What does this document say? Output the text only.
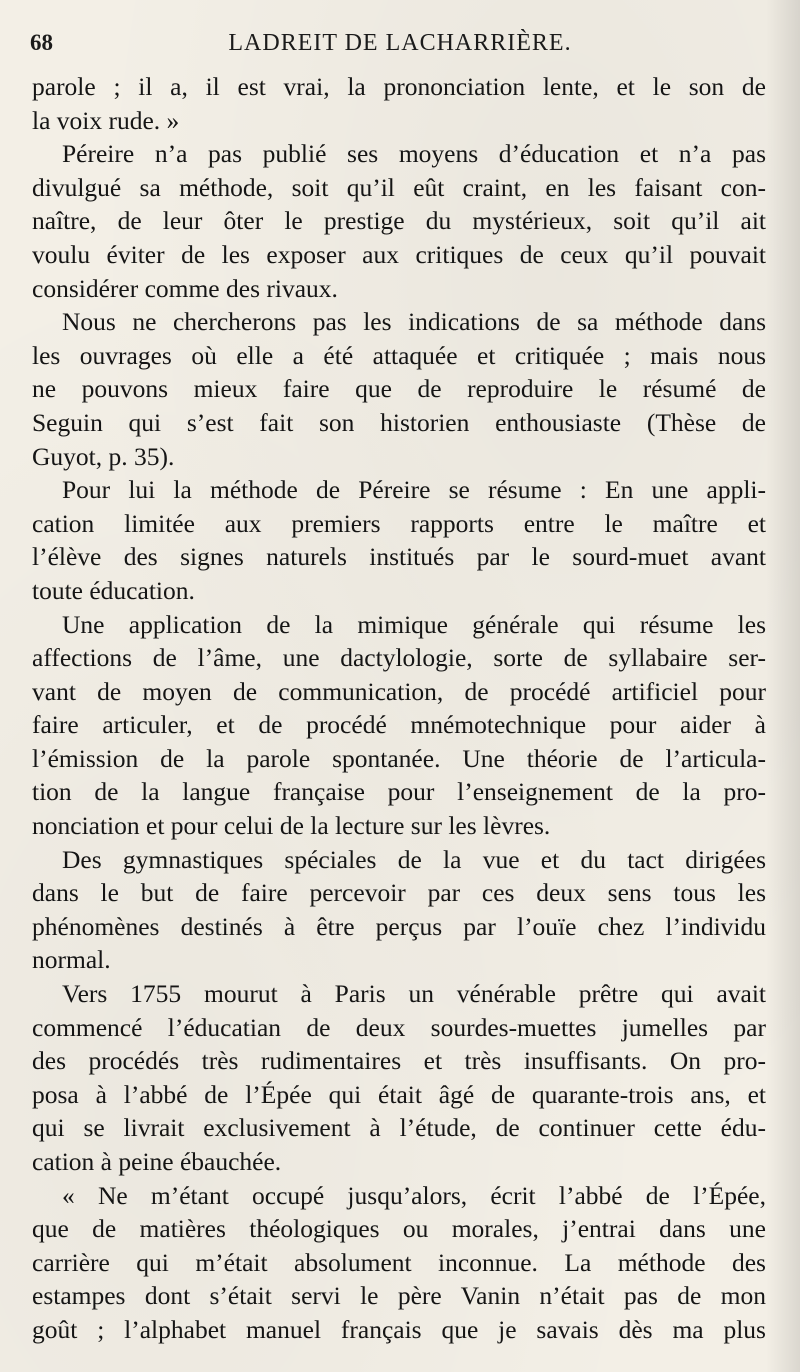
68	LADREIT DE LACHARRIÈRE.
parole ; il a, il est vrai, la prononciation lente, et le son de
la voix rude. »
Péreire n’a pas publié ses moyens d’éducation et n’a pas
divulgué sa méthode, soit qu’il eût craint, en les faisant con-
naître, de leur ôter le prestige du mystérieux, soit qu’il ait
voulu éviter de les exposer aux critiques de ceux qu’il pouvait
considérer comme des rivaux.
Nous ne chercherons pas les indications de sa méthode dans
les ouvrages où elle a été attaquée et critiquée ; mais nous
ne pouvons mieux faire que de reproduire le résumé de
Seguin qui s’est fait son historien enthousiaste (Thèse de
Guyot, p. 35).
Pour lui la méthode de Péreire se résume : En une appli-
cation limitée aux premiers rapports entre le maître et
l’élève des signes naturels institués par le sourd-muet avant
toute éducation.
Une application de la mimique générale qui résume les
affections de l’âme, une dactylologie, sorte de syllabaire ser-
vant de moyen de communication, de procédé artificiel pour
faire articuler, et de procédé mnémotechnique pour aider à
l’émission de la parole spontanée. Une théorie de l’articula-
tion de la langue française pour l’enseignement de la pro-
nonciation et pour celui de la lecture sur les lèvres.
Des gymnastiques spéciales de la vue et du tact dirigées
dans le but de faire percevoir par ces deux sens tous les
phénomènes destinés à être perçus par l’ouïe chez l’individu
normal.
Vers 1755 mourut à Paris un vénérable prêtre qui avait
commencé l’éducatian de deux sourdes-muettes jumelles par
des procédés très rudimentaires et très insuffisants. On pro-
posa à l’abbé de l’Épée qui était âgé de quarante-trois ans, et
qui se livrait exclusivement à l’étude, de continuer cette édu-
cation à peine ébauchée.
« Ne m’étant occupé jusqu’alors, écrit l’abbé de l’Épée,
que de matières théologiques ou morales, j’entrai dans une
carrière qui m’était absolument inconnue. La méthode des
estampes dont s’était servi le père Vanin n’était pas de mon
goût ; l’alphabet manuel français que je savais dès ma plus
